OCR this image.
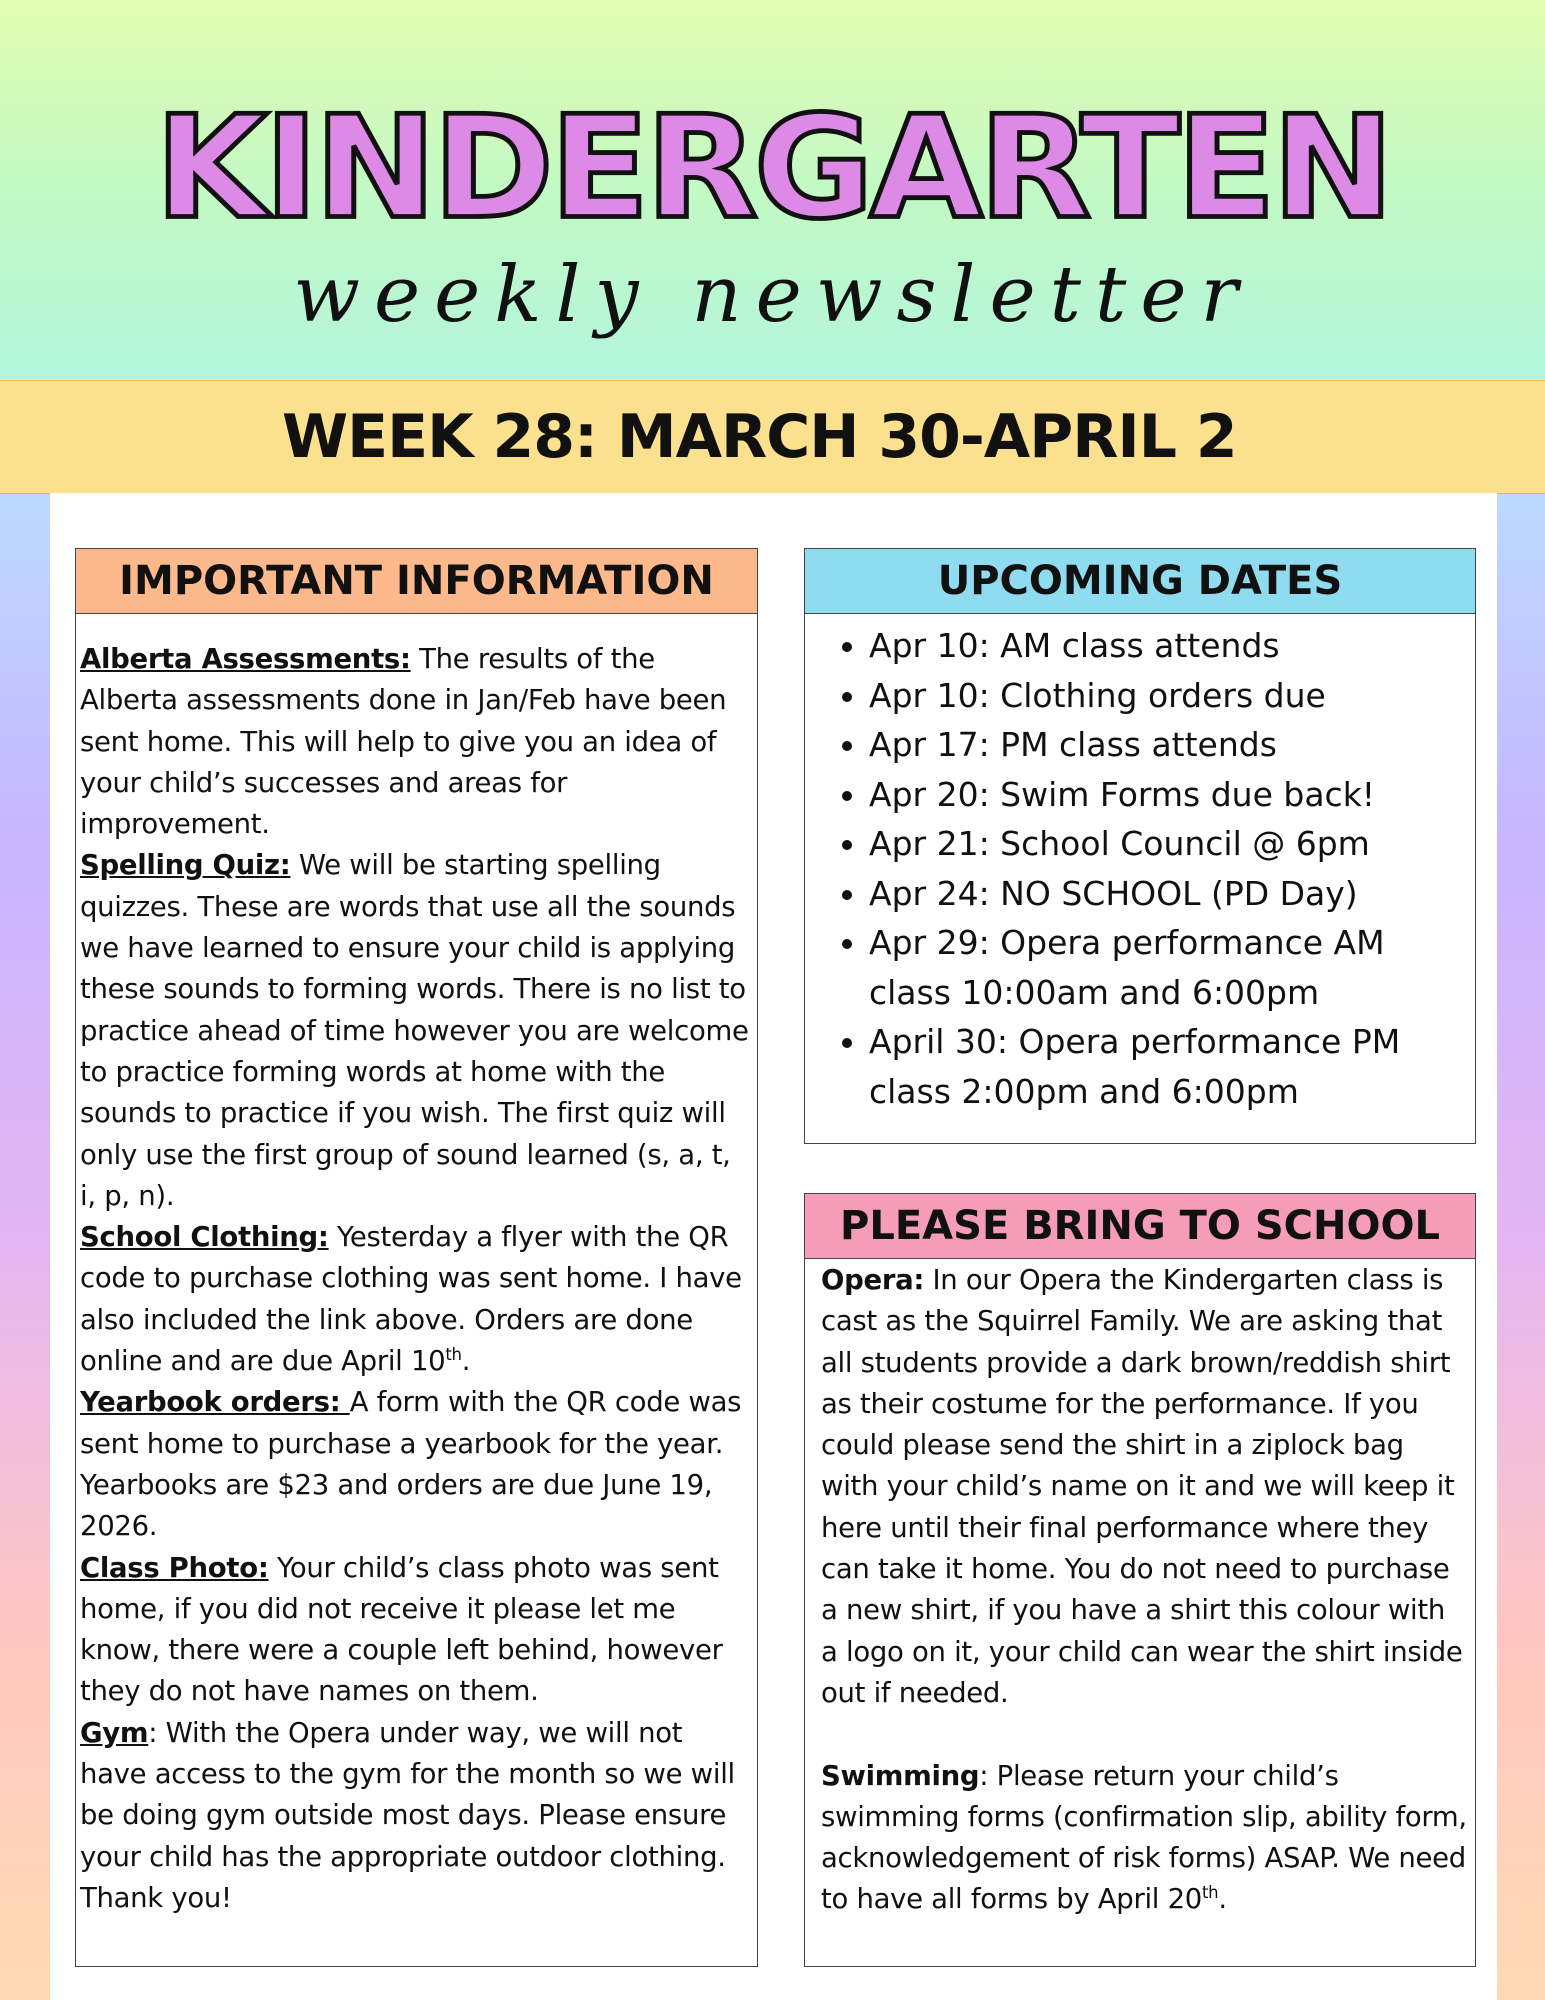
KINDERGARTEN
weekly newsletter
WEEK 28: MARCH 30-APRIL 2
IMPORTANT INFORMATION

Alberta Assessments: The results of the Alberta assessments done in Jan/Feb have been sent home. This will help to give you an idea of your child’s successes and areas for improvement.

Spelling Quiz: We will be starting spelling quizzes. These are words that use all the sounds we have learned to ensure your child is applying these sounds to forming words. There is no list to practice ahead of time however you are welcome to practice forming words at home with the sounds to practice if you wish. The first quiz will only use the first group of sound learned (s, a, t, i, p, n).

School Clothing: Yesterday a flyer with the QR code to purchase clothing was sent home. I have also included the link above. Orders are done online and are due April 10th.

Yearbook orders: A form with the QR code was sent home to purchase a yearbook for the year. Yearbooks are $23 and orders are due June 19, 2026.

Class Photo: Your child’s class photo was sent home, if you did not receive it please let me know, there were a couple left behind, however they do not have names on them.

Gym: With the Opera under way, we will not have access to the gym for the month so we will be doing gym outside most days. Please ensure your child has the appropriate outdoor clothing. Thank you!

UPCOMING DATES
• Apr 10: AM class attends
• Apr 10: Clothing orders due
• Apr 17: PM class attends
• Apr 20: Swim Forms due back!
• Apr 21: School Council @ 6pm
• Apr 24: NO SCHOOL (PD Day)
• Apr 29: Opera performance AM class 10:00am and 6:00pm
• April 30: Opera performance PM class 2:00pm and 6:00pm
PLEASE BRING TO SCHOOL

Opera: In our Opera the Kindergarten class is cast as the Squirrel Family. We are asking that all students provide a dark brown/reddish shirt as their costume for the performance. If you could please send the shirt in a ziplock bag with your child’s name on it and we will keep it here until their final performance where they can take it home. You do not need to purchase a new shirt, if you have a shirt this colour with a logo on it, your child can wear the shirt inside out if needed.

Swimming: Please return your child’s swimming forms (confirmation slip, ability form, acknowledgement of risk forms) ASAP. We need to have all forms by April 20th.
